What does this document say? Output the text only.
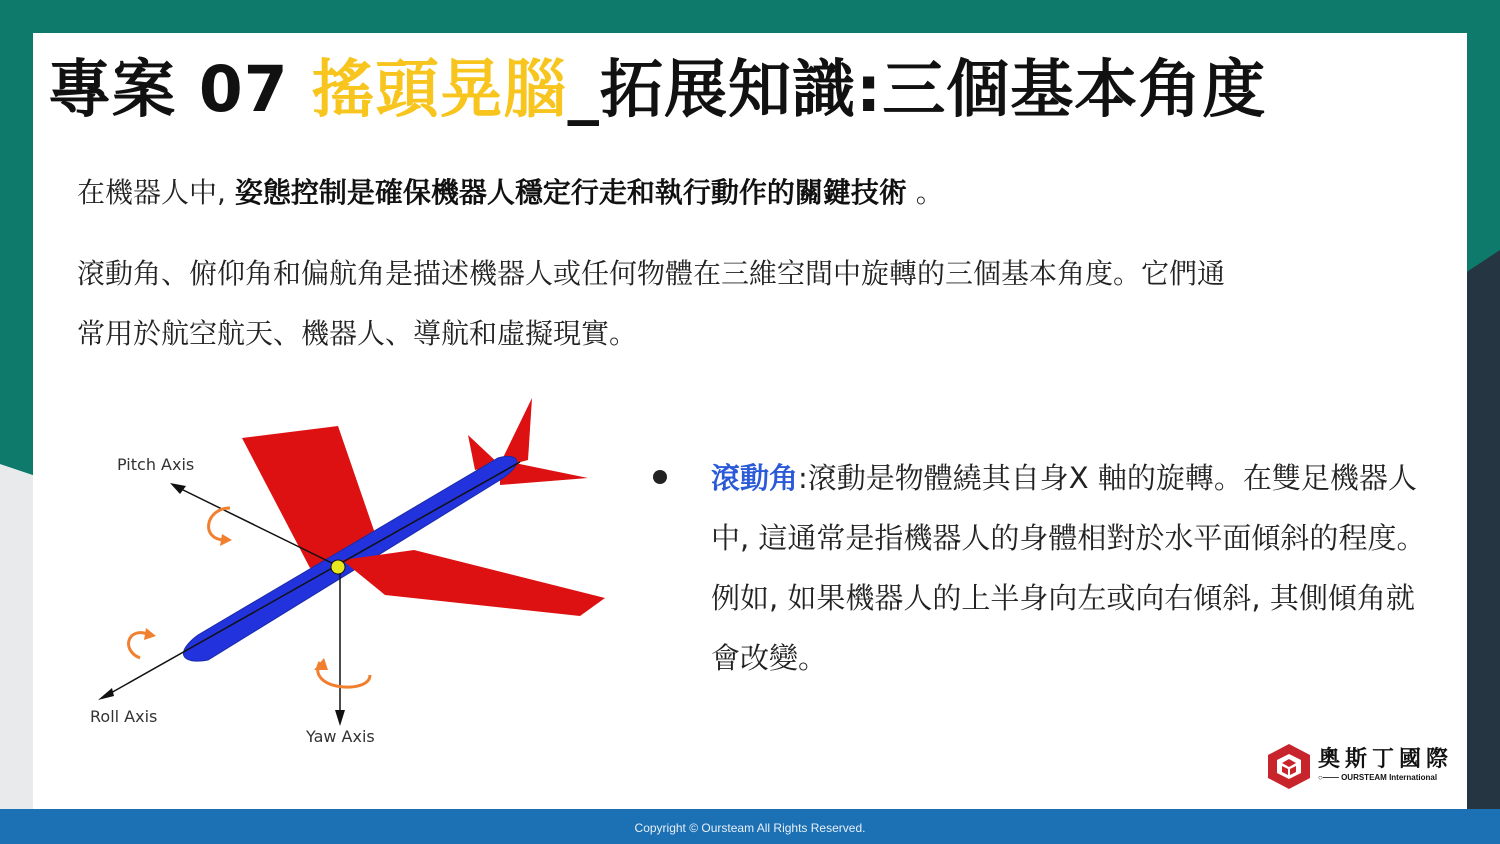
專案 07 搖頭晃腦_拓展知識:三個基本角度
在機器人中, 姿態控制是確保機器人穩定行走和執行動作的關鍵技術 。
滾動角、俯仰角和偏航角是描述機器人或任何物體在三維空間中旋轉的三個基本角度。它們通
常用於航空航天、機器人、導航和虛擬現實。
Pitch Axis
Roll Axis
Yaw Axis
滾動角:滾動是物體繞其自身X 軸的旋轉。在雙足機器人中, 這通常是指機器人的身體相對於水平面傾斜的程度。例如, 如果機器人的上半身向左或向右傾斜, 其側傾角就會改變。
奧斯丁國際
○—— OURSTEAM International
Copyright © Oursteam All Rights Reserved.
